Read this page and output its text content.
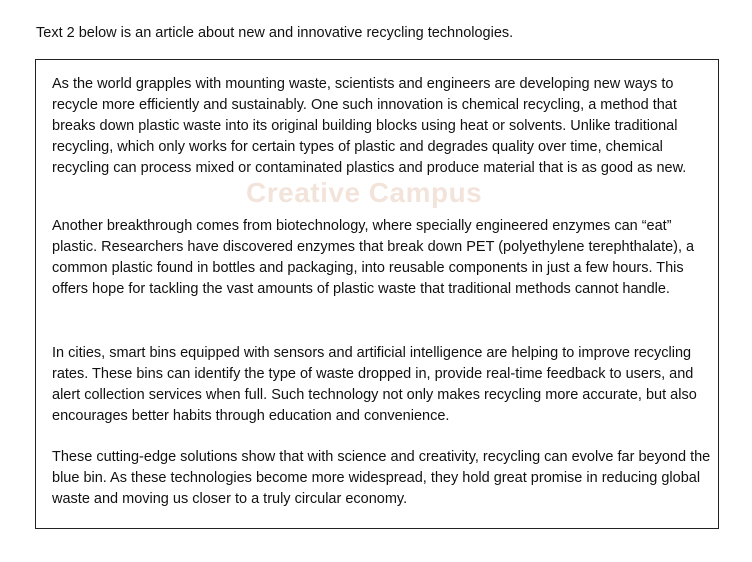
Text 2 below is an article about new and innovative recycling technologies.

As the world grapples with mounting waste, scientists and engineers are developing new ways to recycle more efficiently and sustainably. One such innovation is chemical recycling, a method that breaks down plastic waste into its original building blocks using heat or solvents. Unlike traditional recycling, which only works for certain types of plastic and degrades quality over time, chemical recycling can process mixed or contaminated plastics and produce material that is as good as new.

Creative Campus

Another breakthrough comes from biotechnology, where specially engineered enzymes can “eat” plastic. Researchers have discovered enzymes that break down PET (polyethylene terephthalate), a common plastic found in bottles and packaging, into reusable components in just a few hours. This offers hope for tackling the vast amounts of plastic waste that traditional methods cannot handle.

In cities, smart bins equipped with sensors and artificial intelligence are helping to improve recycling rates. These bins can identify the type of waste dropped in, provide real-time feedback to users, and alert collection services when full. Such technology not only makes recycling more accurate, but also encourages better habits through education and convenience.

These cutting-edge solutions show that with science and creativity, recycling can evolve far beyond the blue bin. As these technologies become more widespread, they hold great promise in reducing global waste and moving us closer to a truly circular economy.
